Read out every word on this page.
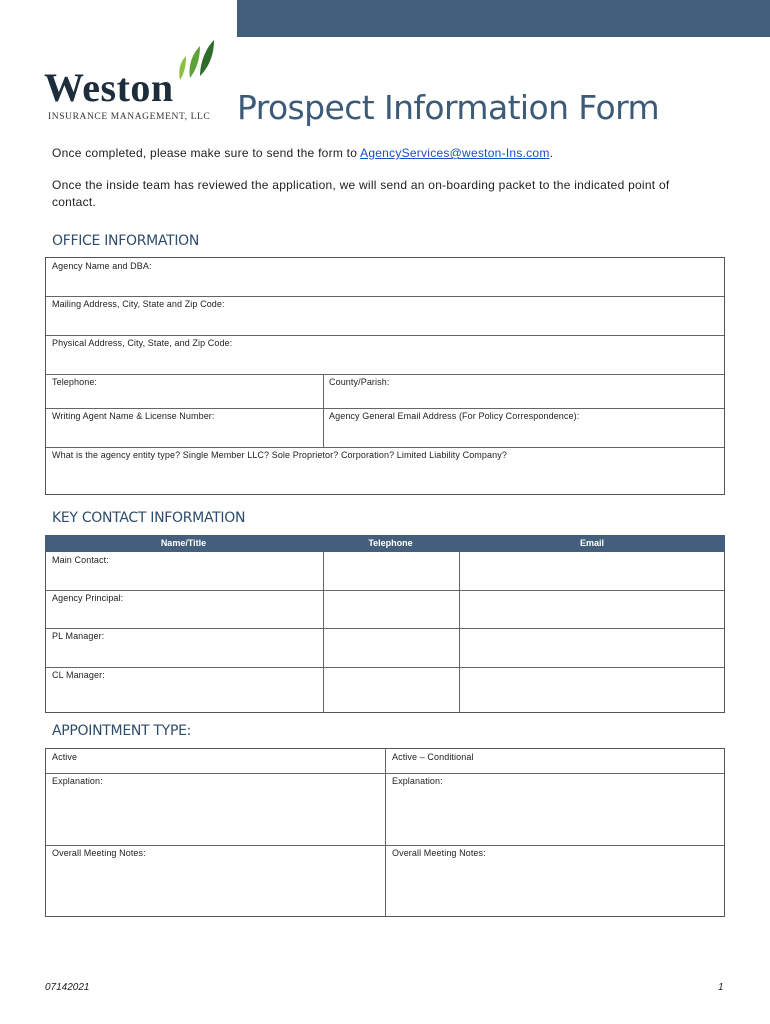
Weston
INSURANCE MANAGEMENT, LLC Prospect Information Form
Once completed, please make sure to send the form to AgencyServices@weston-Ins.com.
Once the inside team has reviewed the application, we will send an on-boarding packet to the indicated point of contact.
OFFICE INFORMATION
Agency Name and DBA:
Mailing Address, City, State and Zip Code:
Physical Address, City, State, and Zip Code:
Telephone:	County/Parish:
Writing Agent Name & License Number:	Agency General Email Address (For Policy Correspondence):
What is the agency entity type? Single Member LLC? Sole Proprietor? Corporation? Limited Liability Company?
KEY CONTACT INFORMATION
Name/Title	Telephone	Email
Main Contact:
Agency Principal:
PL Manager:
CL Manager:
APPOINTMENT TYPE:
Active	Active – Conditional
Explanation:	Explanation:
Overall Meeting Notes:	Overall Meeting Notes:
07142021	1
